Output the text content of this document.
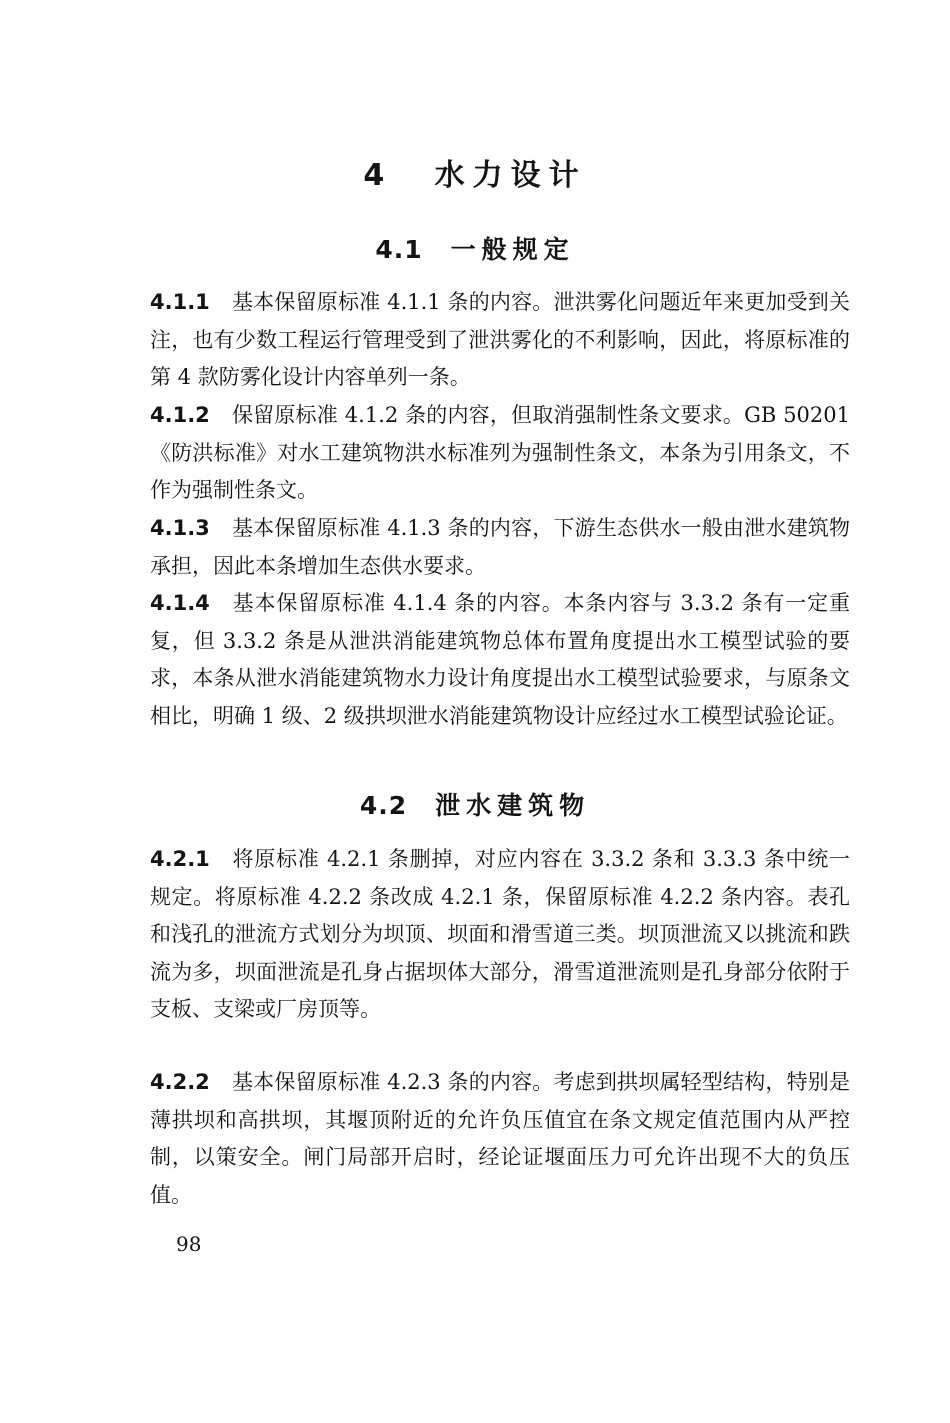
4 水力设计
4.1 一般规定

4.1.1 基本保留原标准 4.1.1 条的内容。泄洪雾化问题近年来更加受到关注，也有少数工程运行管理受到了泄洪雾化的不利影响，因此，将原标准的第 4 款防雾化设计内容单列一条。

4.1.2 保留原标准 4.1.2 条的内容，但取消强制性条文要求。GB 50201《防洪标准》对水工建筑物洪水标准列为强制性条文，本条为引用条文，不作为强制性条文。

4.1.3 基本保留原标准 4.1.3 条的内容，下游生态供水一般由泄水建筑物承担，因此本条增加生态供水要求。

4.1.4 基本保留原标准 4.1.4 条的内容。本条内容与 3.3.2 条有一定重复，但 3.3.2 条是从泄洪消能建筑物总体布置角度提出水工模型试验的要求，本条从泄水消能建筑物水力设计角度提出水工模型试验要求，与原条文相比，明确 1 级、2 级拱坝泄水消能建筑物设计应经过水工模型试验论证。

4.2 泄水建筑物

4.2.1 将原标准 4.2.1 条删掉，对应内容在 3.3.2 条和 3.3.3 条中统一规定。将原标准 4.2.2 条改成 4.2.1 条，保留原标准 4.2.2 条内容。表孔和浅孔的泄流方式划分为坝顶、坝面和滑雪道三类。坝顶泄流又以挑流和跌流为多，坝面泄流是孔身占据坝体大部分，滑雪道泄流则是孔身部分依附于支板、支梁或厂房顶等。

4.2.2 基本保留原标准 4.2.3 条的内容。考虑到拱坝属轻型结构，特别是薄拱坝和高拱坝，其堰顶附近的允许负压值宜在条文规定值范围内从严控制，以策安全。闸门局部开启时，经论证堰面压力可允许出现不大的负压值。

98
